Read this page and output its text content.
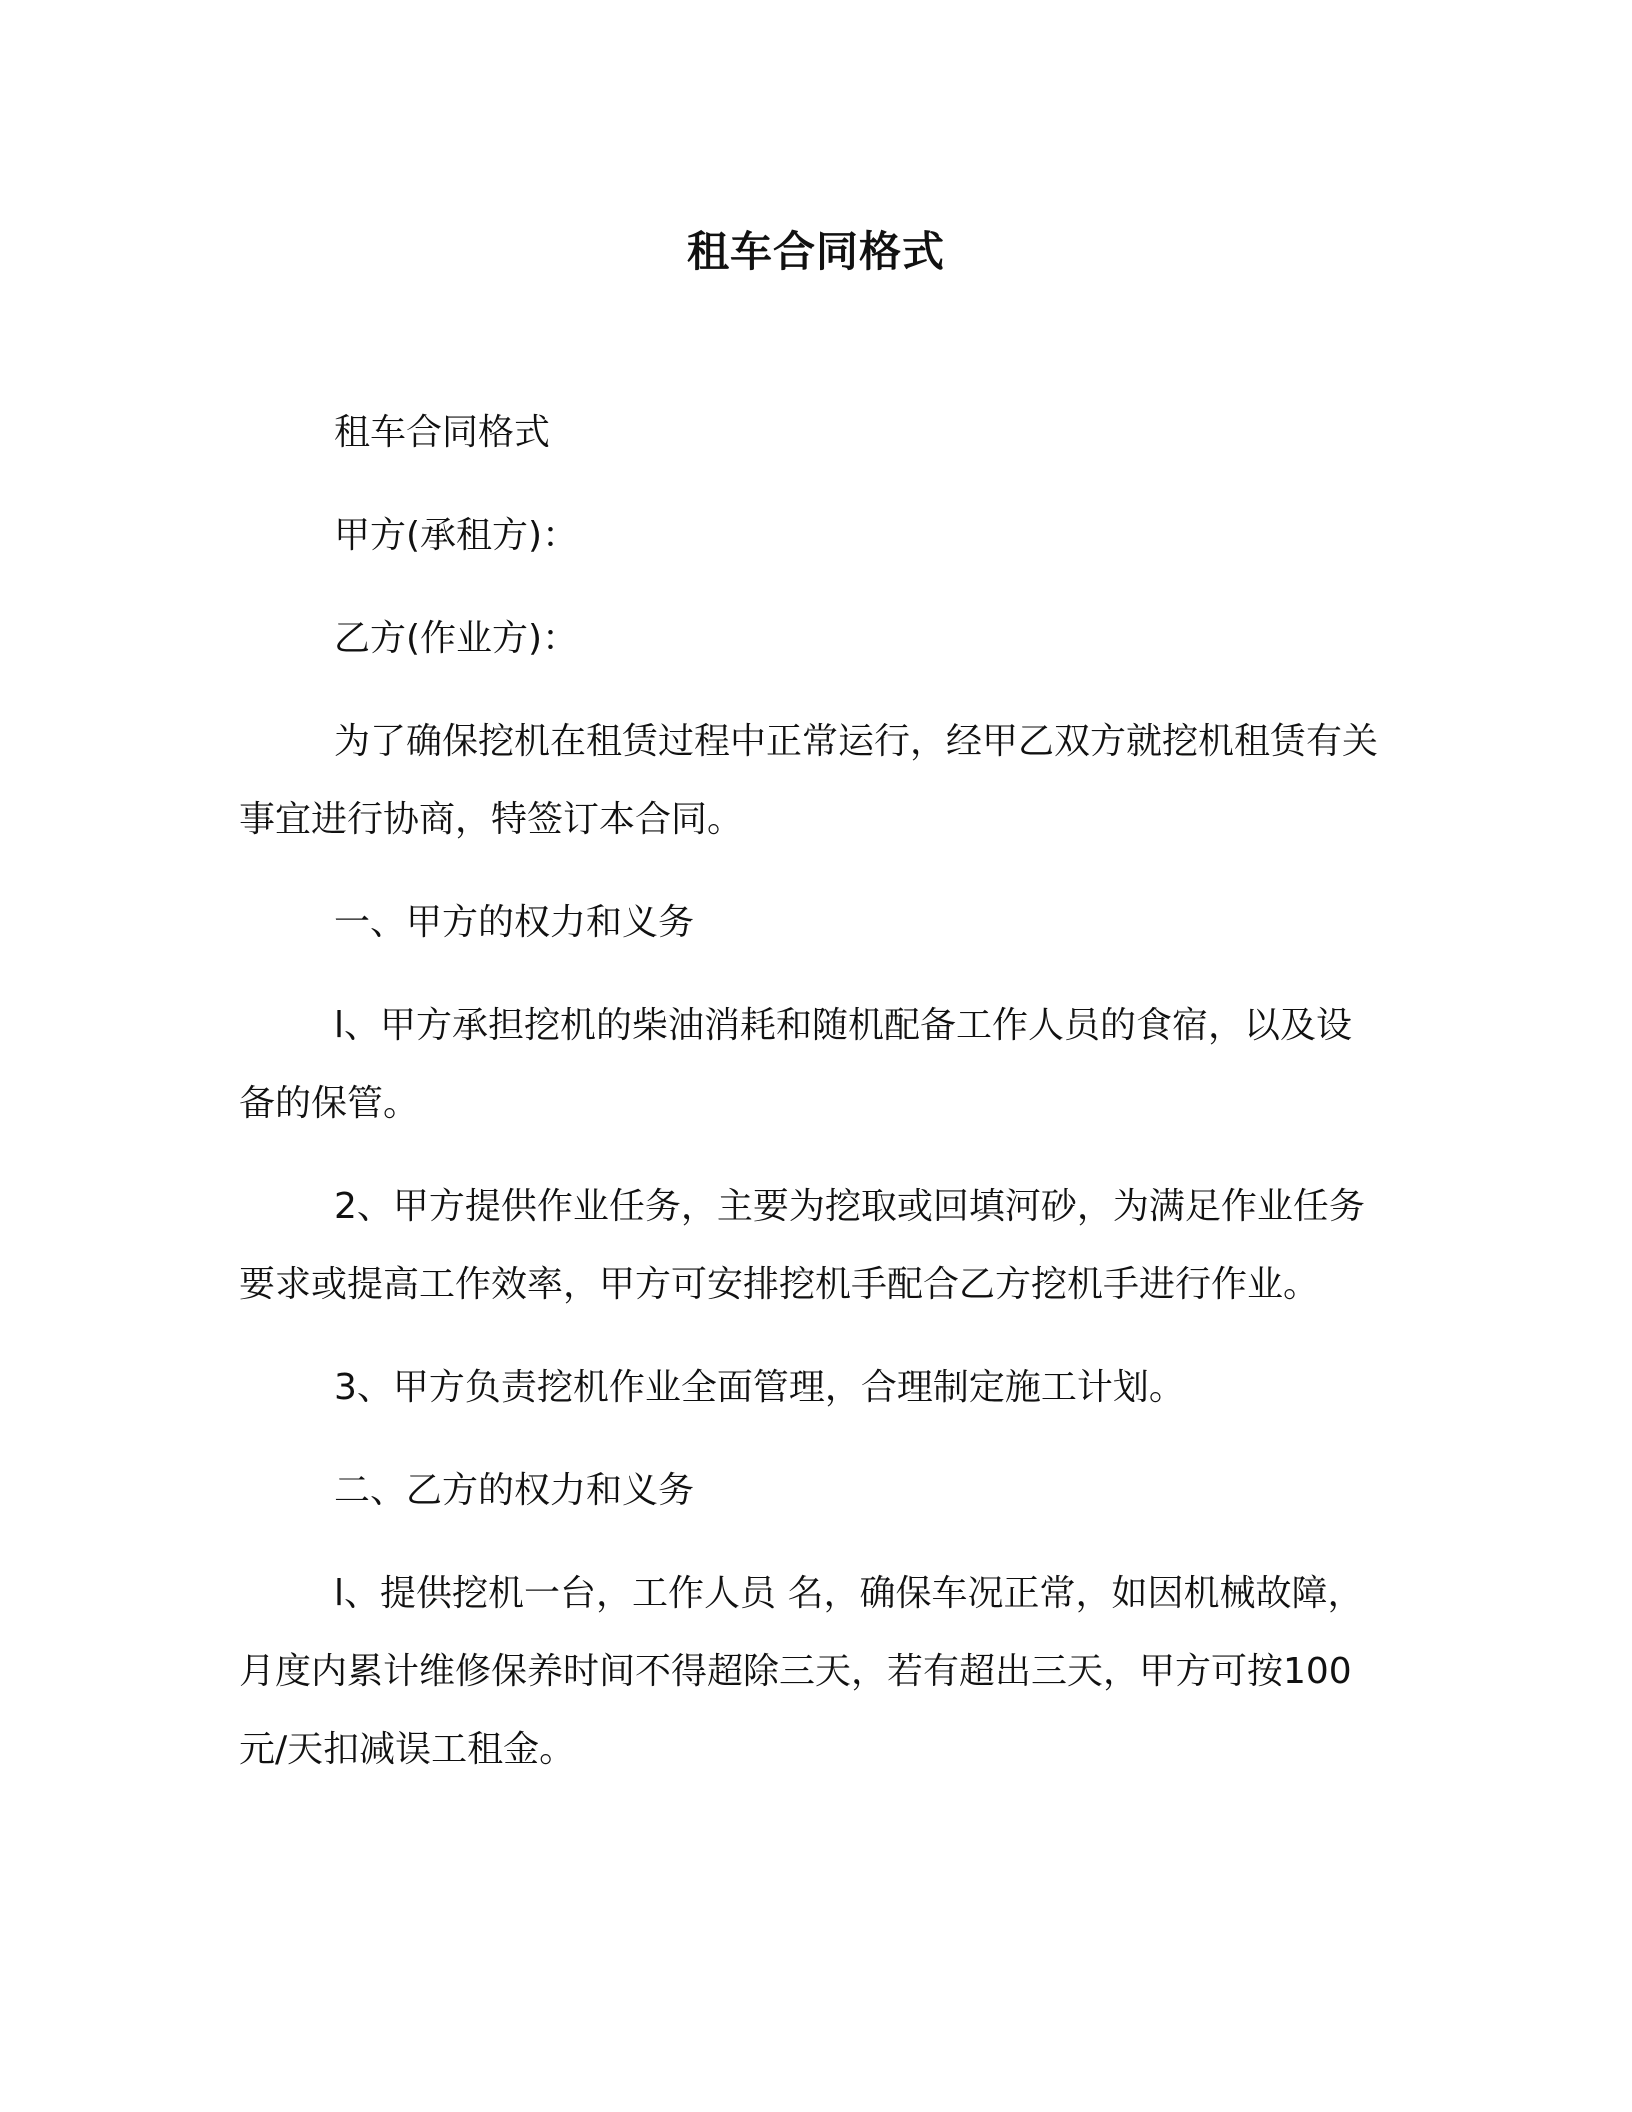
租车合同格式

租车合同格式

甲方(承租方)：

乙方(作业方)：

为了确保挖机在租赁过程中正常运行，经甲乙双方就挖机租赁有关事宜进行协商，特签订本合同。

一、甲方的权力和义务

l、甲方承担挖机的柴油消耗和随机配备工作人员的食宿，以及设备的保管。

2、甲方提供作业任务，主要为挖取或回填河砂，为满足作业任务要求或提高工作效率，甲方可安排挖机手配合乙方挖机手进行作业。

3、甲方负责挖机作业全面管理，合理制定施工计划。

二、乙方的权力和义务

l、提供挖机一台，工作人员 名，确保车况正常，如因机械故障，月度内累计维修保养时间不得超除三天，若有超出三天，甲方可按100 元/天扣减误工租金。
